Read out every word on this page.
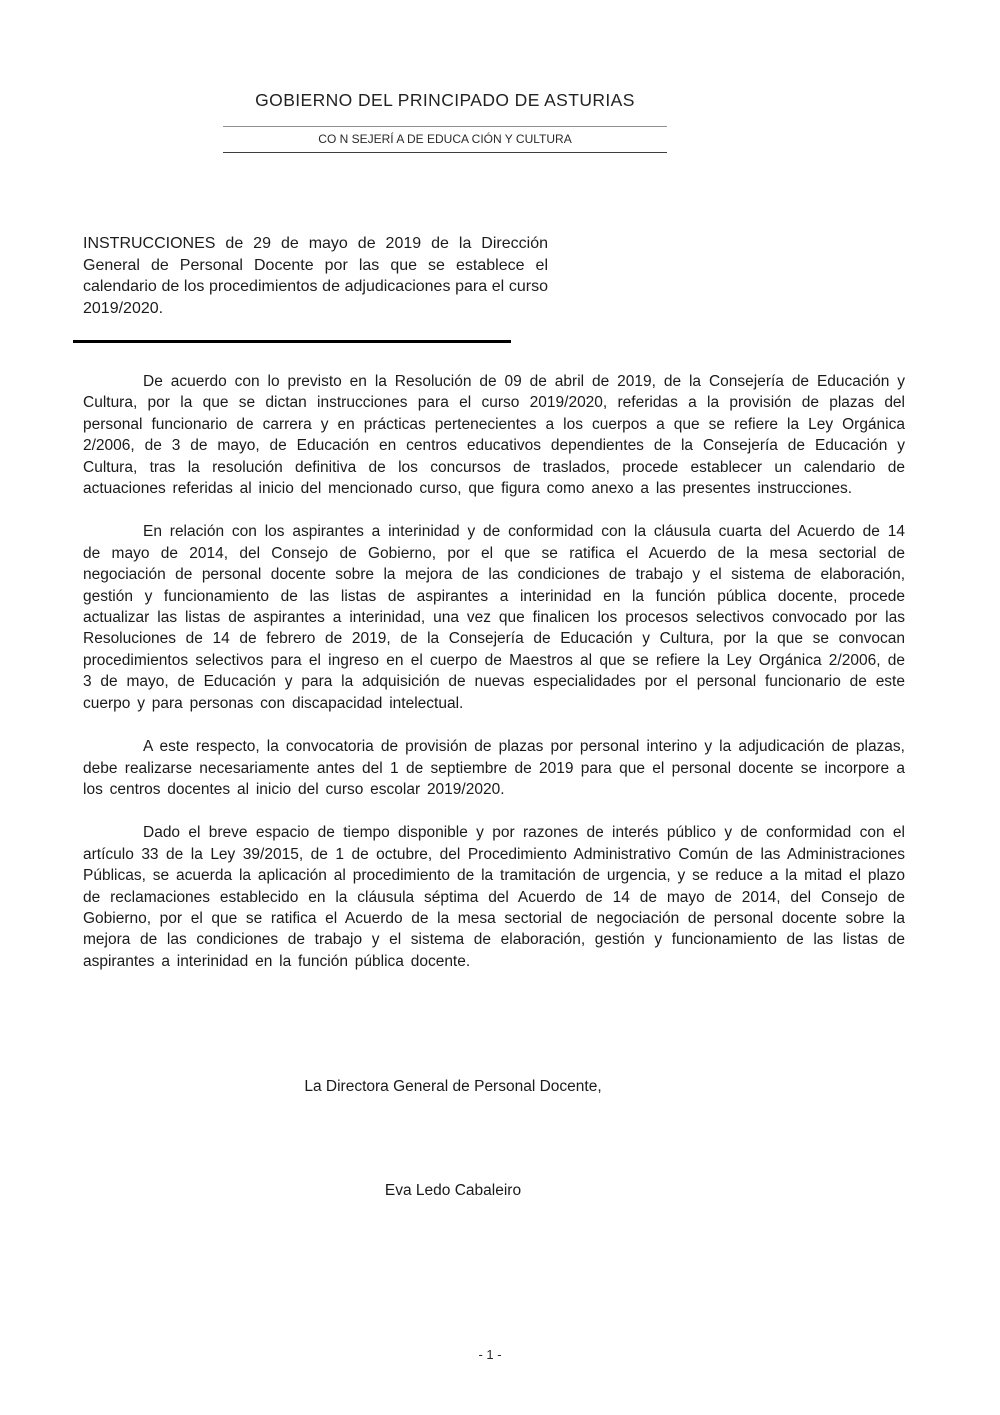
GOBIERNO DEL PRINCIPADO DE ASTURIAS
CO N SEJERÍ A DE EDUCA CIÓN Y CULTURA
INSTRUCCIONES de 29 de mayo de 2019 de la Dirección General de Personal Docente por las que se establece el calendario de los procedimientos de adjudicaciones para el curso 2019/2020.

De acuerdo con lo previsto en la Resolución de 09 de abril de 2019, de la Consejería de Educación y Cultura, por la que se dictan instrucciones para el curso 2019/2020, referidas a la provisión de plazas del personal funcionario de carrera y en prácticas pertenecientes a los cuerpos a que se refiere la Ley Orgánica 2/2006, de 3 de mayo, de Educación en centros educativos dependientes de la Consejería de Educación y Cultura, tras la resolución definitiva de los concursos de traslados, procede establecer un calendario de actuaciones referidas al inicio del mencionado curso, que figura como anexo a las presentes instrucciones.

En relación con los aspirantes a interinidad y de conformidad con la cláusula cuarta del Acuerdo de 14 de mayo de 2014, del Consejo de Gobierno, por el que se ratifica el Acuerdo de la mesa sectorial de negociación de personal docente sobre la mejora de las condiciones de trabajo y el sistema de elaboración, gestión y funcionamiento de las listas de aspirantes a interinidad en la función pública docente, procede actualizar las listas de aspirantes a interinidad, una vez que finalicen los procesos selectivos convocado por las Resoluciones de 14 de febrero de 2019, de la Consejería de Educación y Cultura, por la que se convocan procedimientos selectivos para el ingreso en el cuerpo de Maestros al que se refiere la Ley Orgánica 2/2006, de 3 de mayo, de Educación y para la adquisición de nuevas especialidades por el personal funcionario de este cuerpo y para personas con discapacidad intelectual.

A este respecto, la convocatoria de provisión de plazas por personal interino y la adjudicación de plazas, debe realizarse necesariamente antes del 1 de septiembre de 2019 para que el personal docente se incorpore a los centros docentes al inicio del curso escolar 2019/2020.

Dado el breve espacio de tiempo disponible y por razones de interés público y de conformidad con el artículo 33 de la Ley 39/2015, de 1 de octubre, del Procedimiento Administrativo Común de las Administraciones Públicas, se acuerda la aplicación al procedimiento de la tramitación de urgencia, y se reduce a la mitad el plazo de reclamaciones establecido en la cláusula séptima del Acuerdo de 14 de mayo de 2014, del Consejo de Gobierno, por el que se ratifica el Acuerdo de la mesa sectorial de negociación de personal docente sobre la mejora de las condiciones de trabajo y el sistema de elaboración, gestión y funcionamiento de las listas de aspirantes a interinidad en la función pública docente.

La Directora General de Personal Docente,
Eva Ledo Cabaleiro
- 1 -
